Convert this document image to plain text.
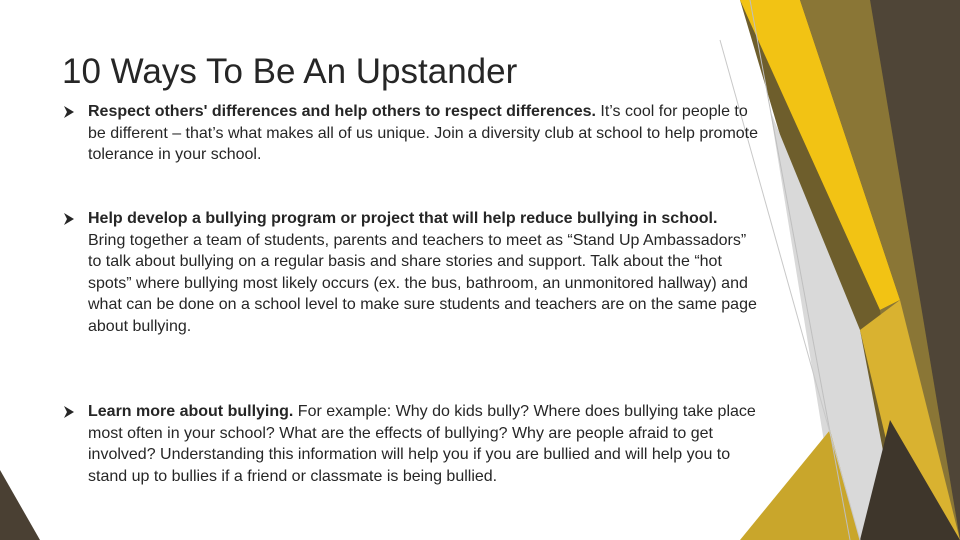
10 Ways To Be An Upstander
Respect others' differences and help others to respect differences. It’s cool for people to be different – that’s what makes all of us unique. Join a diversity club at school to help promote tolerance in your school.
Help develop a bullying program or project that will help reduce bullying in school. Bring together a team of students, parents and teachers to meet as “Stand Up Ambassadors” to talk about bullying on a regular basis and share stories and support. Talk about the “hot spots” where bullying most likely occurs (ex. the bus, bathroom, an unmonitored hallway) and what can be done on a school level to make sure students and teachers are on the same page about bullying.
Learn more about bullying. For example: Why do kids bully? Where does bullying take place most often in your school? What are the effects of bullying? Why are people afraid to get involved? Understanding this information will help you if you are bullied and will help you to stand up to bullies if a friend or classmate is being bullied.
